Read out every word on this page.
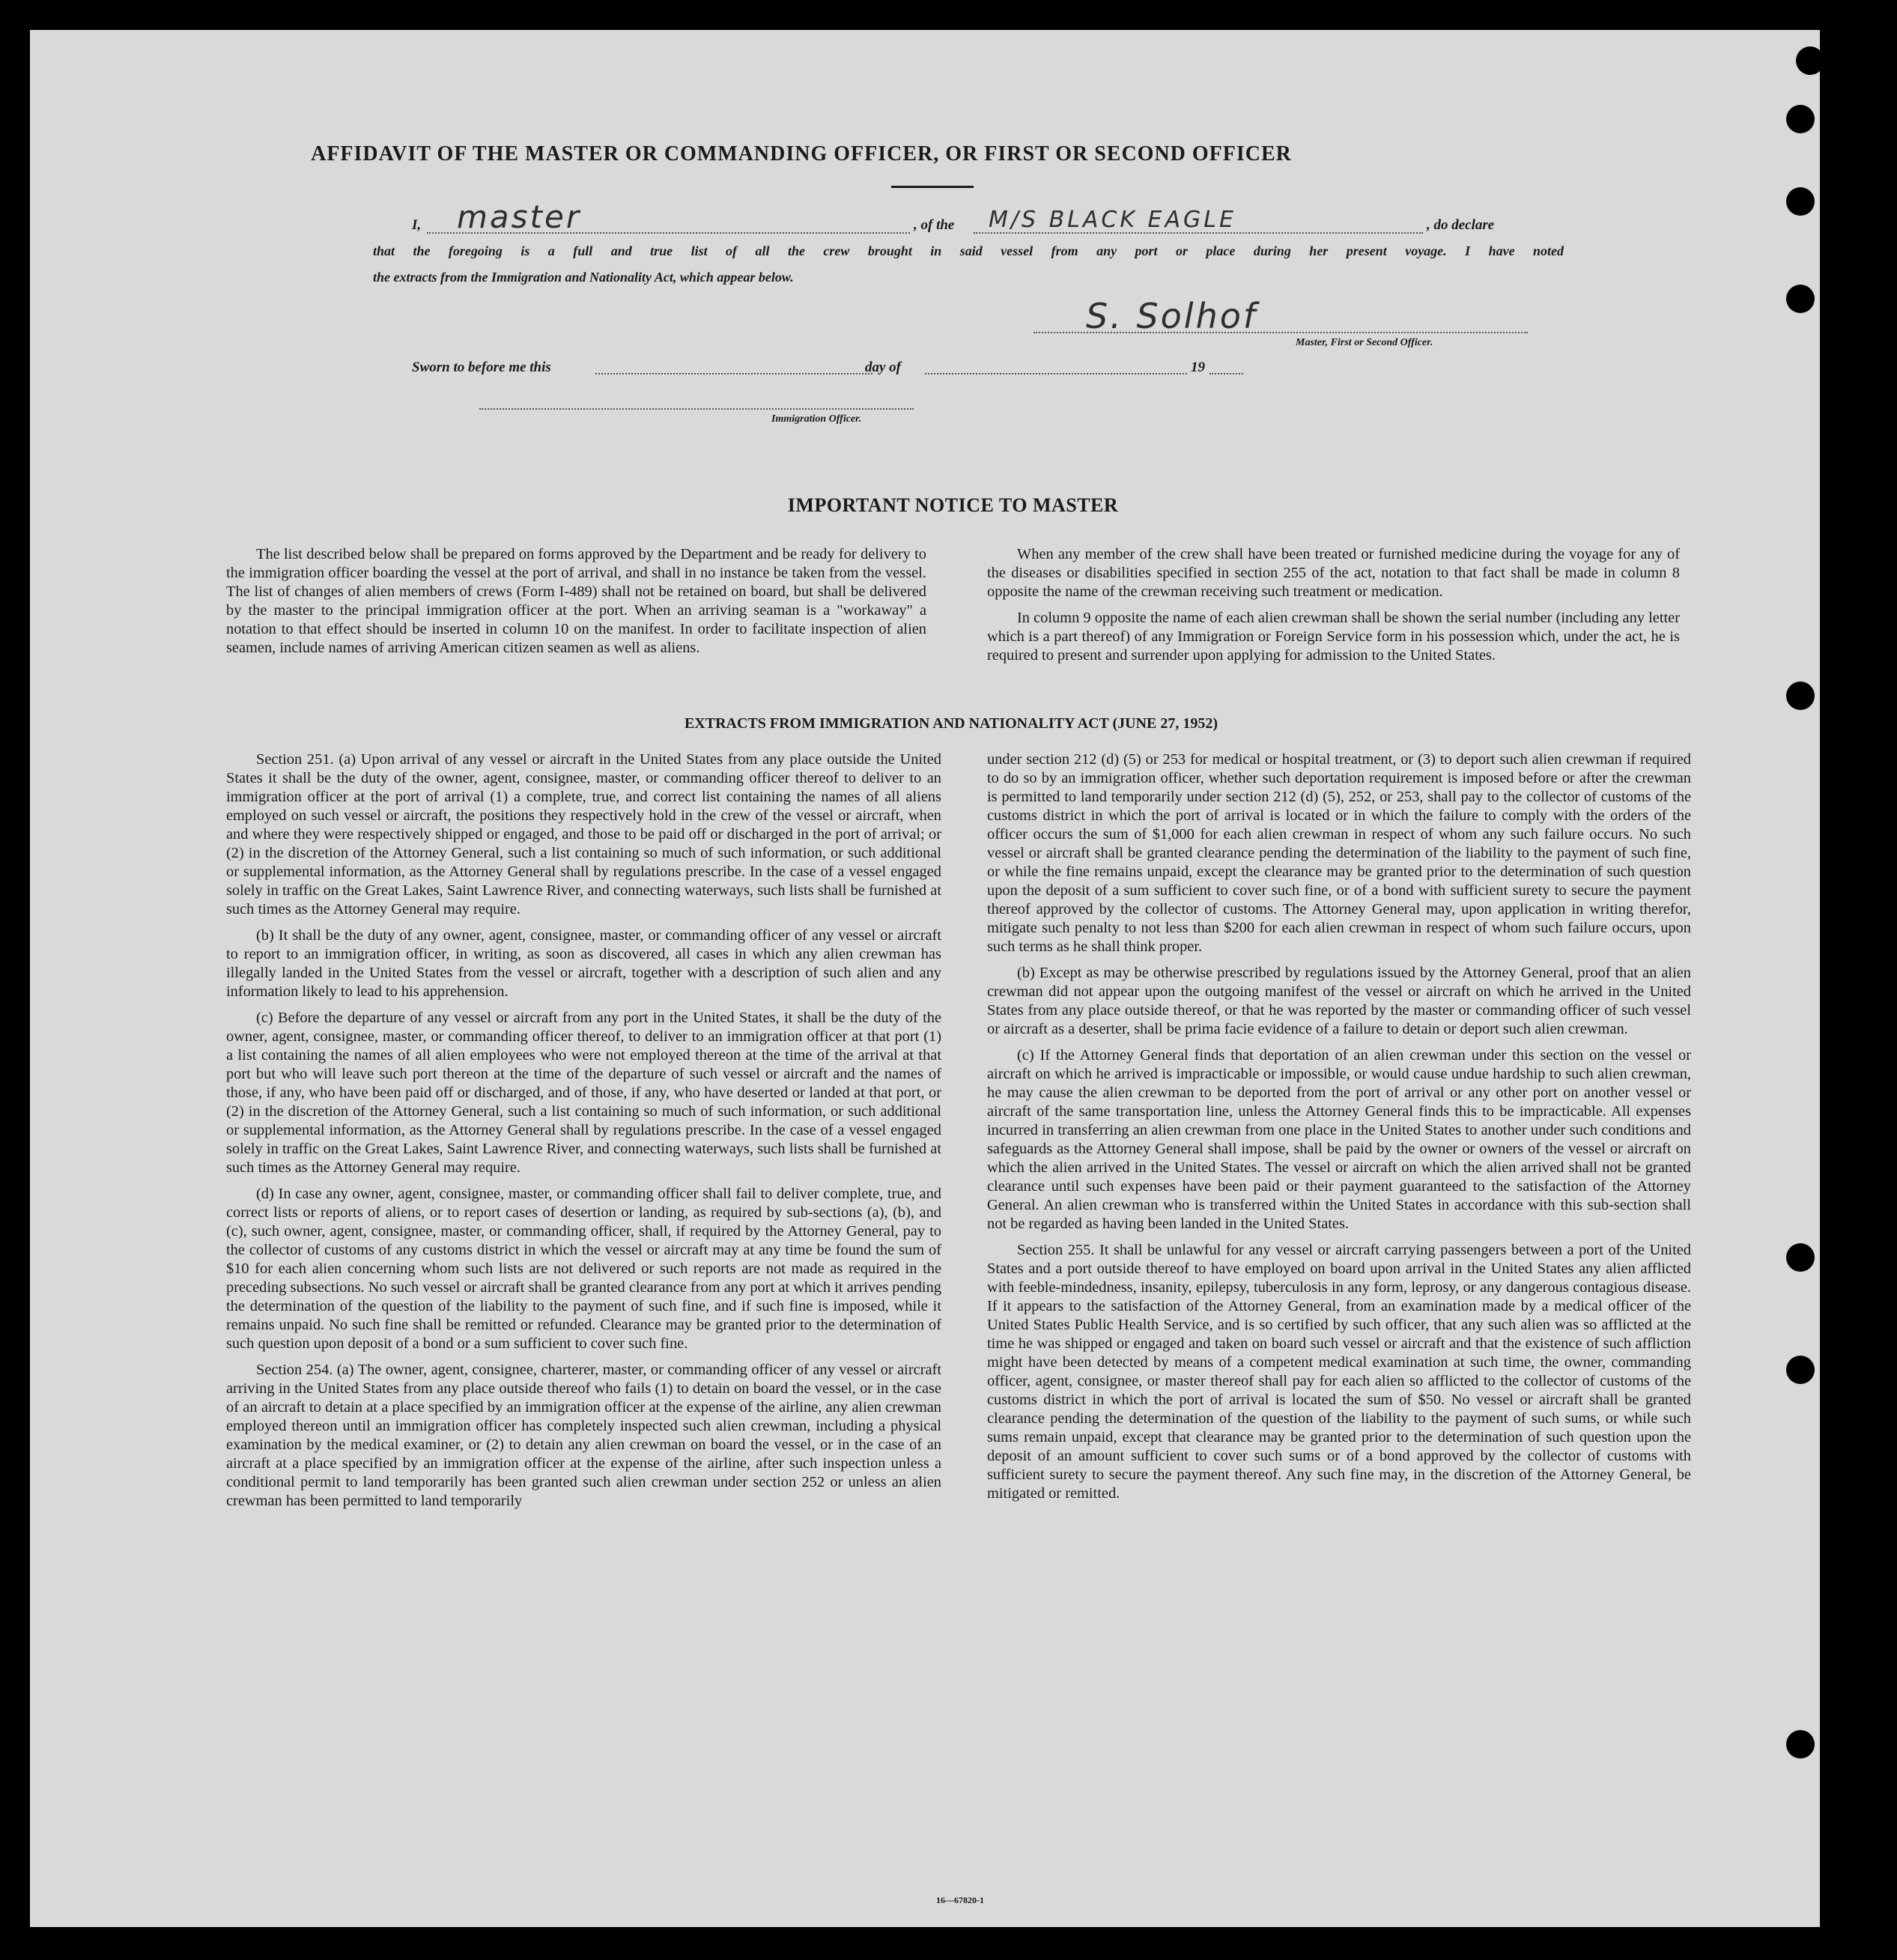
AFFIDAVIT OF THE MASTER OR COMMANDING OFFICER, OR FIRST OR SECOND OFFICER
I, master	, of the M/S BLACK EAGLE	, do declare
that the foregoing is a full and true list of all the crew brought in said vessel from any port or place during her present voyage. I have noted
the extracts from the Immigration and Nationality Act, which appear below.
S. Solhof
Master, First or Second Officer.
Sworn to before me this	day of	19
Immigration Officer.
IMPORTANT NOTICE TO MASTER

The list described below shall be prepared on forms approved by the Department and be ready for delivery to the immigration officer boarding the vessel at the port of arrival, and shall in no instance be taken from the vessel. The list of changes of alien members of crews (Form I-489) shall not be retained on board, but shall be delivered by the master to the principal immigration officer at the port. When an arriving seaman is a "workaway" a notation to that effect should be inserted in column 10 on the manifest. In order to facilitate inspection of alien seamen, include names of arriving American citizen seamen as well as aliens.

When any member of the crew shall have been treated or furnished medicine during the voyage for any of the diseases or disabilities specified in section 255 of the act, notation to that fact shall be made in column 8 opposite the name of the crewman receiving such treatment or medication.

In column 9 opposite the name of each alien crewman shall be shown the serial number (including any letter which is a part thereof) of any Immigration or Foreign Service form in his possession which, under the act, he is required to present and surrender upon applying for admission to the United States.

EXTRACTS FROM IMMIGRATION AND NATIONALITY ACT (JUNE 27, 1952)

Section 251. (a) Upon arrival of any vessel or aircraft in the United States from any place outside the United States it shall be the duty of the owner, agent, consignee, master, or commanding officer thereof to deliver to an immigration officer at the port of arrival (1) a complete, true, and correct list containing the names of all aliens employed on such vessel or aircraft, the positions they respectively hold in the crew of the vessel or aircraft, when and where they were respectively shipped or engaged, and those to be paid off or discharged in the port of arrival; or (2) in the discretion of the Attorney General, such a list containing so much of such information, or such additional or supplemental information, as the Attorney General shall by regulations prescribe. In the case of a vessel engaged solely in traffic on the Great Lakes, Saint Lawrence River, and connecting waterways, such lists shall be furnished at such times as the Attorney General may require.

(b) It shall be the duty of any owner, agent, consignee, master, or commanding officer of any vessel or aircraft to report to an immigration officer, in writing, as soon as discovered, all cases in which any alien crewman has illegally landed in the United States from the vessel or aircraft, together with a description of such alien and any information likely to lead to his apprehension.

(c) Before the departure of any vessel or aircraft from any port in the United States, it shall be the duty of the owner, agent, consignee, master, or commanding officer thereof, to deliver to an immigration officer at that port (1) a list containing the names of all alien employees who were not employed thereon at the time of the arrival at that port but who will leave such port thereon at the time of the departure of such vessel or aircraft and the names of those, if any, who have been paid off or discharged, and of those, if any, who have deserted or landed at that port, or (2) in the discretion of the Attorney General, such a list containing so much of such information, or such additional or supplemental information, as the Attorney General shall by regulations prescribe. In the case of a vessel engaged solely in traffic on the Great Lakes, Saint Lawrence River, and connecting waterways, such lists shall be furnished at such times as the Attorney General may require.

(d) In case any owner, agent, consignee, master, or commanding officer shall fail to deliver complete, true, and correct lists or reports of aliens, or to report cases of desertion or landing, as required by sub-sections (a), (b), and (c), such owner, agent, consignee, master, or commanding officer, shall, if required by the Attorney General, pay to the collector of customs of any customs district in which the vessel or aircraft may at any time be found the sum of $10 for each alien concerning whom such lists are not delivered or such reports are not made as required in the preceding subsections. No such vessel or aircraft shall be granted clearance from any port at which it arrives pending the determination of the question of the liability to the payment of such fine, and if such fine is imposed, while it remains unpaid. No such fine shall be remitted or refunded. Clearance may be granted prior to the determination of such question upon deposit of a bond or a sum sufficient to cover such fine.

Section 254. (a) The owner, agent, consignee, charterer, master, or commanding officer of any vessel or aircraft arriving in the United States from any place outside thereof who fails (1) to detain on board the vessel, or in the case of an aircraft to detain at a place specified by an immigration officer at the expense of the airline, any alien crewman employed thereon until an immigration officer has completely inspected such alien crewman, including a physical examination by the medical examiner, or (2) to detain any alien crewman on board the vessel, or in the case of an aircraft at a place specified by an immigration officer at the expense of the airline, after such inspection unless a conditional permit to land temporarily has been granted such alien crewman under section 252 or unless an alien crewman has been permitted to land temporarily

under section 212 (d) (5) or 253 for medical or hospital treatment, or (3) to deport such alien crewman if required to do so by an immigration officer, whether such deportation requirement is imposed before or after the crewman is permitted to land temporarily under section 212 (d) (5), 252, or 253, shall pay to the collector of customs of the customs district in which the port of arrival is located or in which the failure to comply with the orders of the officer occurs the sum of $1,000 for each alien crewman in respect of whom any such failure occurs. No such vessel or aircraft shall be granted clearance pending the determination of the liability to the payment of such fine, or while the fine remains unpaid, except the clearance may be granted prior to the determination of such question upon the deposit of a sum sufficient to cover such fine, or of a bond with sufficient surety to secure the payment thereof approved by the collector of customs. The Attorney General may, upon application in writing therefor, mitigate such penalty to not less than $200 for each alien crewman in respect of whom such failure occurs, upon such terms as he shall think proper.

(b) Except as may be otherwise prescribed by regulations issued by the Attorney General, proof that an alien crewman did not appear upon the outgoing manifest of the vessel or aircraft on which he arrived in the United States from any place outside thereof, or that he was reported by the master or commanding officer of such vessel or aircraft as a deserter, shall be prima facie evidence of a failure to detain or deport such alien crewman.

(c) If the Attorney General finds that deportation of an alien crewman under this section on the vessel or aircraft on which he arrived is impracticable or impossible, or would cause undue hardship to such alien crewman, he may cause the alien crewman to be deported from the port of arrival or any other port on another vessel or aircraft of the same transportation line, unless the Attorney General finds this to be impracticable. All expenses incurred in transferring an alien crewman from one place in the United States to another under such conditions and safeguards as the Attorney General shall impose, shall be paid by the owner or owners of the vessel or aircraft on which the alien arrived in the United States. The vessel or aircraft on which the alien arrived shall not be granted clearance until such expenses have been paid or their payment guaranteed to the satisfaction of the Attorney General. An alien crewman who is transferred within the United States in accordance with this sub-section shall not be regarded as having been landed in the United States.

Section 255. It shall be unlawful for any vessel or aircraft carrying passengers between a port of the United States and a port outside thereof to have employed on board upon arrival in the United States any alien afflicted with feeble-mindedness, insanity, epilepsy, tuberculosis in any form, leprosy, or any dangerous contagious disease. If it appears to the satisfaction of the Attorney General, from an examination made by a medical officer of the United States Public Health Service, and is so certified by such officer, that any such alien was so afflicted at the time he was shipped or engaged and taken on board such vessel or aircraft and that the existence of such affliction might have been detected by means of a competent medical examination at such time, the owner, commanding officer, agent, consignee, or master thereof shall pay for each alien so afflicted to the collector of customs of the customs district in which the port of arrival is located the sum of $50. No vessel or aircraft shall be granted clearance pending the determination of the question of the liability to the payment of such sums, or while such sums remain unpaid, except that clearance may be granted prior to the determination of such question upon the deposit of an amount sufficient to cover such sums or of a bond approved by the collector of customs with sufficient surety to secure the payment thereof. Any such fine may, in the discretion of the Attorney General, be mitigated or remitted.

16—67820-1
